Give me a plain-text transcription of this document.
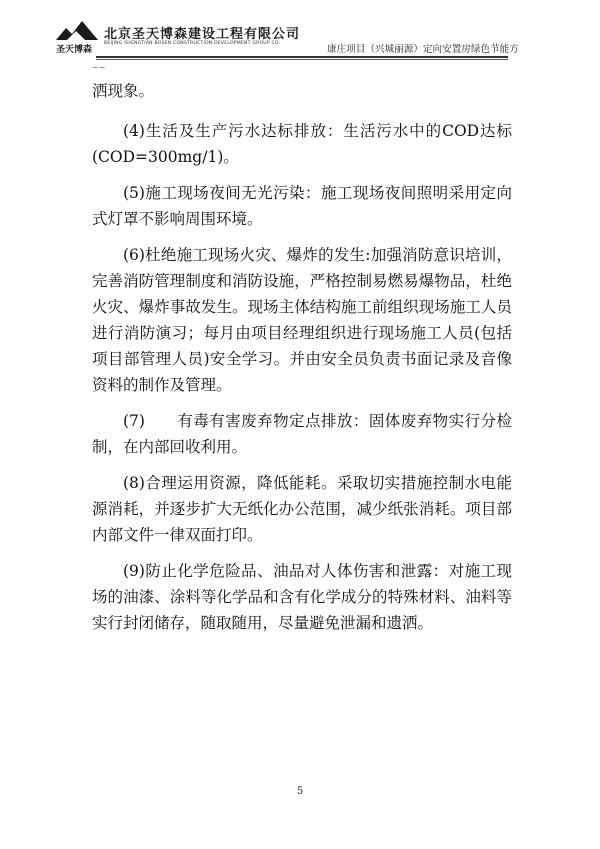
圣天博森
北京圣天博森建设工程有限公司
BEIJING SHENGTIAN BOSEN CONSTRUCTION DEVELOPMENT GROUP CO.
康庄项目（兴城丽源）定向安置房绿色节能方
~~

洒现象。

(4)生活及生产污水达标排放：生活污水中的COD达标(COD=300mg/1)。

(5)施工现场夜间无光污染：施工现场夜间照明采用定向式灯罩不影响周围环境。

(6)杜绝施工现场火灾、爆炸的发生:加强消防意识培训，完善消防管理制度和消防设施，严格控制易燃易爆物品，杜绝火灾、爆炸事故发生。现场主体结构施工前组织现场施工人员进行消防演习；每月由项目经理组织进行现场施工人员(包括项目部管理人员)安全学习。并由安全员负责书面记录及音像资料的制作及管理。

(7)　　有毒有害废弃物定点排放：固体废弃物实行分检制，在内部回收利用。

(8)合理运用资源，降低能耗。采取切实措施控制水电能源消耗，并逐步扩大无纸化办公范围，减少纸张消耗。项目部内部文件一律双面打印。

(9)防止化学危险品、油品对人体伤害和泄露：对施工现场的油漆、涂料等化学品和含有化学成分的特殊材料、油料等实行封闭储存，随取随用，尽量避免泄漏和遗洒。

5
